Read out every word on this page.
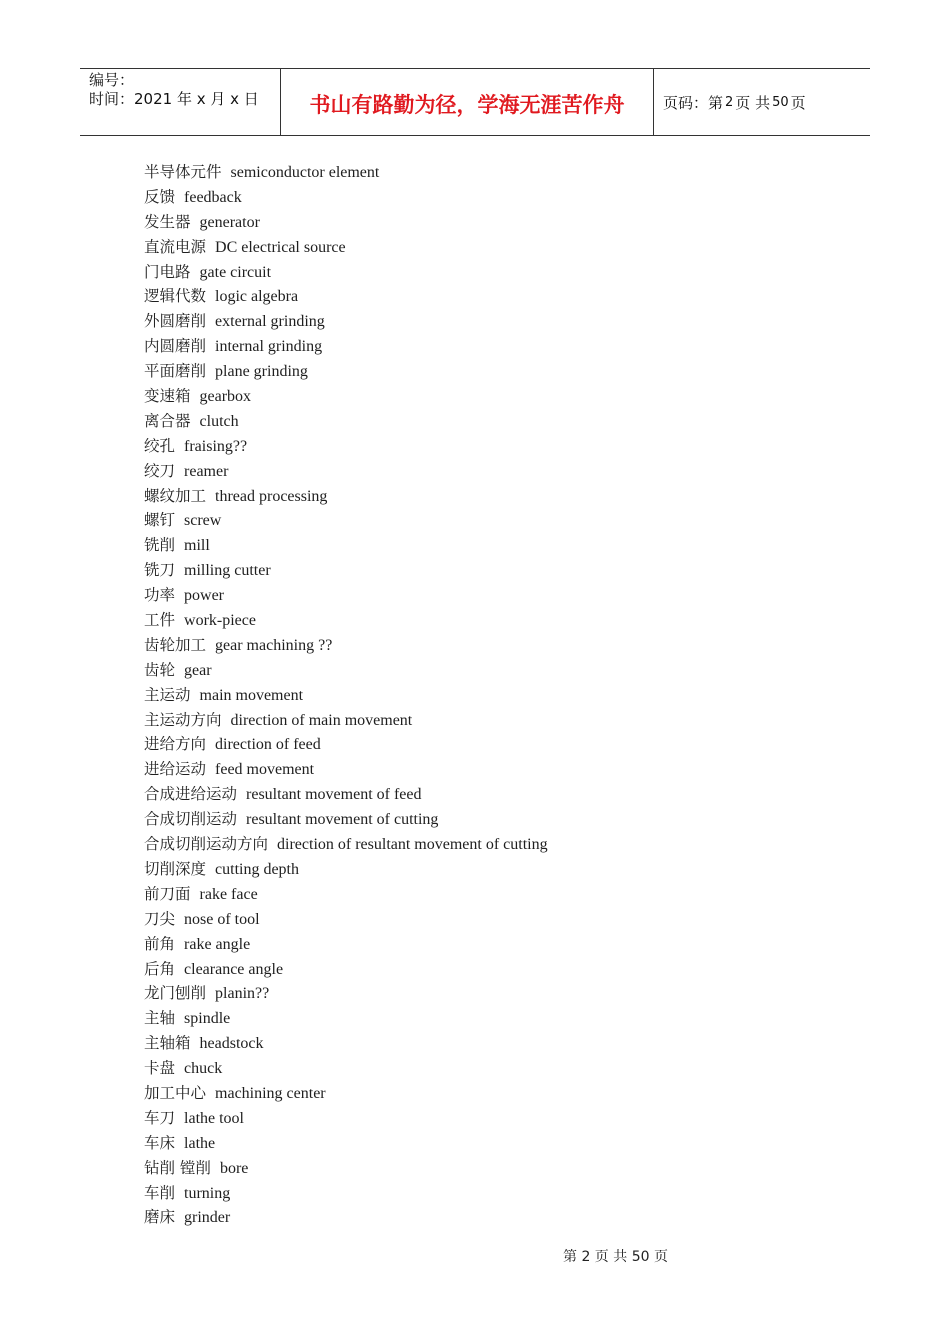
编号：
时间：2021 年 x 月 x 日	书山有路勤为径，学海无涯苦作舟	页码：第 2 页 共 50 页
半导体元件 semiconductor element
反馈 feedback
发生器 generator
直流电源 DC electrical source
门电路 gate circuit
逻辑代数 logic algebra
外圆磨削 external grinding
内圆磨削 internal grinding
平面磨削 plane grinding
变速箱 gearbox
离合器 clutch
绞孔 fraising??
绞刀 reamer
螺纹加工 thread processing
螺钉 screw
铣削 mill
铣刀 milling cutter
功率 power
工件 work-piece
齿轮加工 gear machining ??
齿轮 gear
主运动 main movement
主运动方向 direction of main movement
进给方向 direction of feed
进给运动 feed movement
合成进给运动 resultant movement of feed
合成切削运动 resultant movement of cutting
合成切削运动方向 direction of resultant movement of cutting
切削深度 cutting depth
前刀面 rake face
刀尖 nose of tool
前角 rake angle
后角 clearance angle
龙门刨削 planin??
主轴 spindle
主轴箱 headstock
卡盘 chuck
加工中心 machining center
车刀 lathe tool
车床 lathe
钻削 镗削 bore
车削 turning
磨床 grinder
第 2 页 共 50 页
